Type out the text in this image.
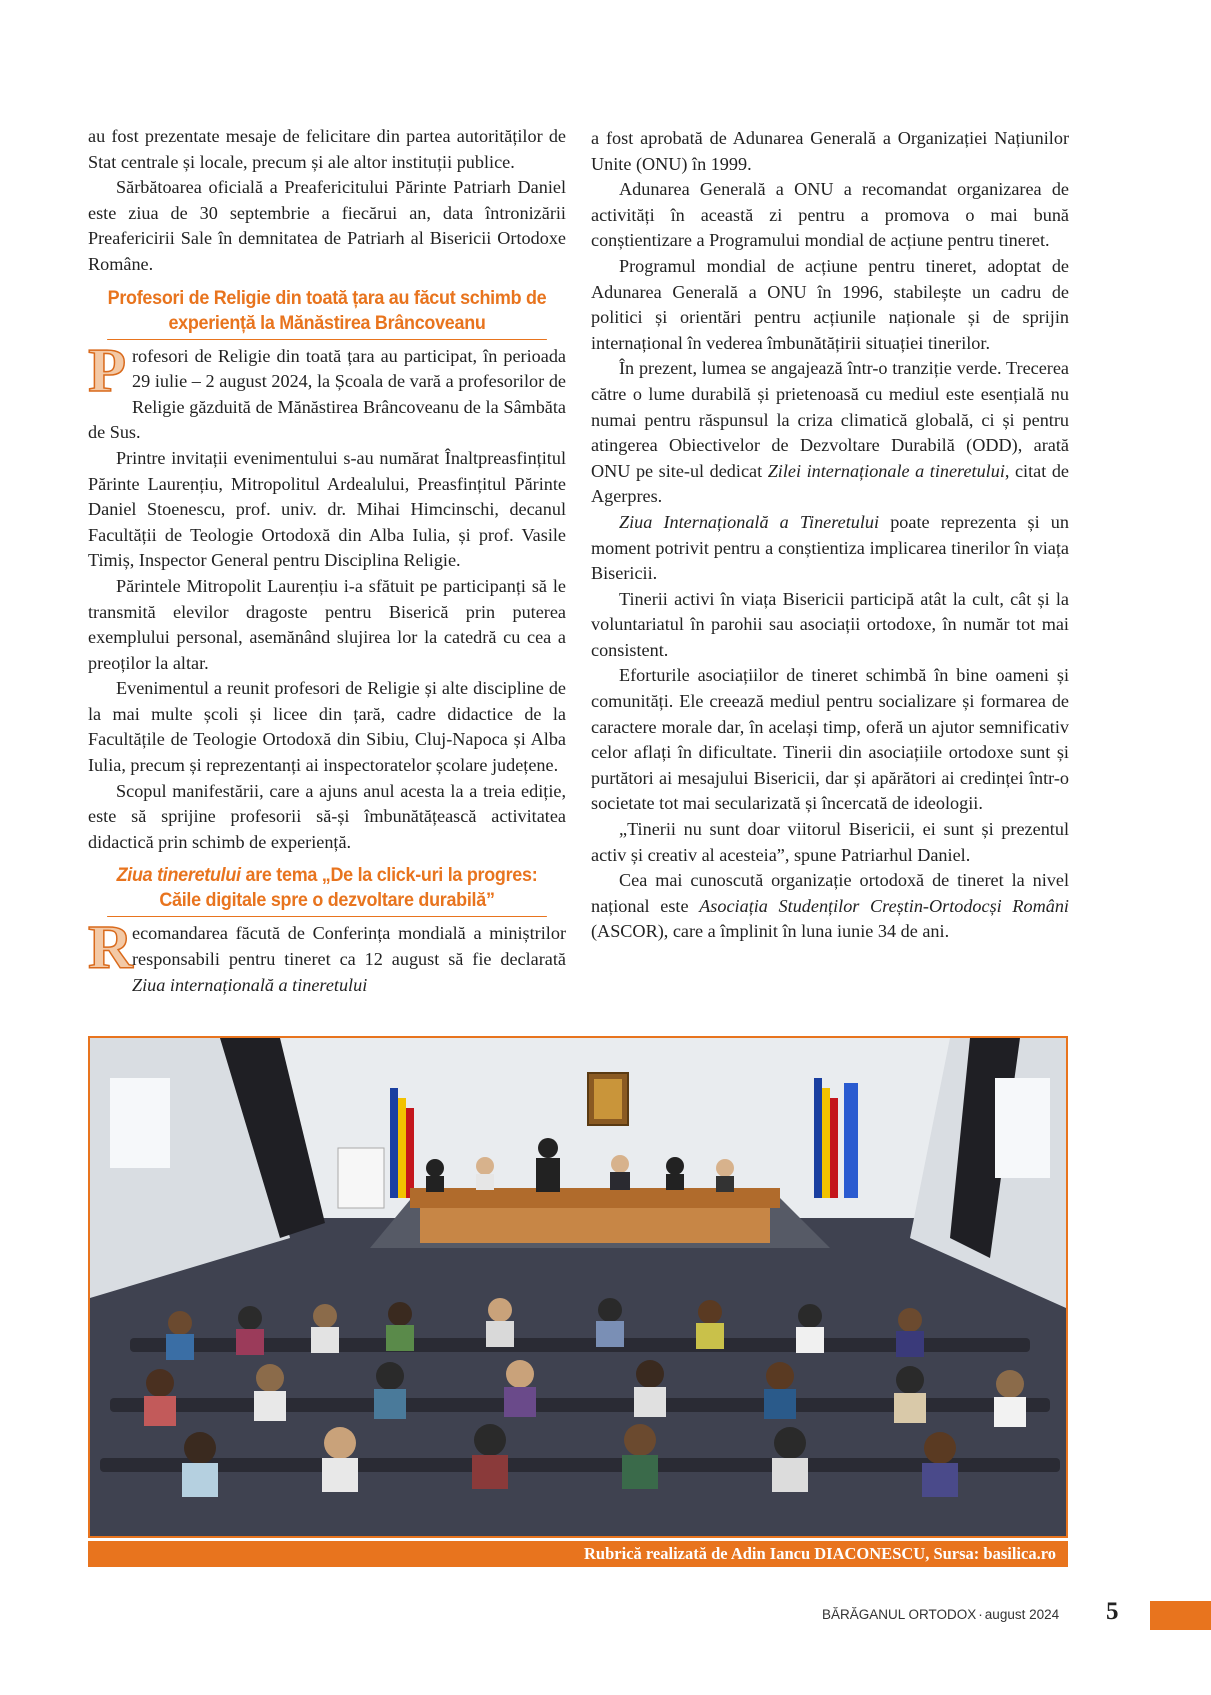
au fost prezentate mesaje de felicitare din partea autorităților de Stat centrale și locale, precum și ale altor instituții publice.

Sărbătoarea oficială a Preafericitului Părinte Patriarh Daniel este ziua de 30 septembrie a fiecărui an, data întronizării Preafericirii Sale în demnitatea de Patriarh al Bisericii Ortodoxe Române.

Profesori de Religie din toată țara au făcut schimb de experiență la Mănăstirea Brâncoveanu

Profesori de Religie din toată țara au participat, în perioada 29 iulie – 2 august 2024, la Școala de vară a profesorilor de Religie găzduită de Mănăstirea Brâncoveanu de la Sâmbăta de Sus.

Printre invitații evenimentului s-au numărat Înaltpreasfințitul Părinte Laurențiu, Mitropolitul Ardealului, Preasfințitul Părinte Daniel Stoenescu, prof. univ. dr. Mihai Himcinschi, decanul Facultății de Teologie Ortodoxă din Alba Iulia, și prof. Vasile Timiș, Inspector General pentru Disciplina Religie.

Părintele Mitropolit Laurențiu i-a sfătuit pe participanți să le transmită elevilor dragoste pentru Biserică prin puterea exemplului personal, asemănând slujirea lor la catedră cu cea a preoților la altar.

Evenimentul a reunit profesori de Religie și alte discipline de la mai multe școli și licee din țară, cadre didactice de la Facultățile de Teologie Ortodoxă din Sibiu, Cluj-Napoca și Alba Iulia, precum și reprezentanți ai inspectoratelor școlare județene.

Scopul manifestării, care a ajuns anul acesta la a treia ediție, este să sprijine profesorii să-și îmbunătățească activitatea didactică prin schimb de experiență.

Ziua tineretului are tema „De la click-uri la progres: Căile digitale spre o dezvoltare durabilă”

Recomandarea făcută de Conferința mondială a miniștrilor responsabili pentru tineret ca 12 august să fie declarată Ziua internațională a tineretului

a fost aprobată de Adunarea Generală a Organizației Națiunilor Unite (ONU) în 1999.

Adunarea Generală a ONU a recomandat organizarea de activități în această zi pentru a promova o mai bună conștientizare a Programului mondial de acțiune pentru tineret.

Programul mondial de acțiune pentru tineret, adoptat de Adunarea Generală a ONU în 1996, stabilește un cadru de politici și orientări pentru acțiunile naționale și de sprijin internațional în vederea îmbunătățirii situației tinerilor.

În prezent, lumea se angajează într-o tranziție verde. Trecerea către o lume durabilă și prietenoasă cu mediul este esențială nu numai pentru răspunsul la criza climatică globală, ci și pentru atingerea Obiectivelor de Dezvoltare Durabilă (ODD), arată ONU pe site-ul dedicat Zilei internaționale a tineretului, citat de Agerpres.

Ziua Internațională a Tineretului poate reprezenta și un moment potrivit pentru a conștientiza implicarea tinerilor în viața Bisericii.

Tinerii activi în viața Bisericii participă atât la cult, cât și la voluntariatul în parohii sau asociații ortodoxe, în număr tot mai consistent.

Eforturile asociațiilor de tineret schimbă în bine oameni și comunități. Ele creează mediul pentru socializare și formarea de caractere morale dar, în același timp, oferă un ajutor semnificativ celor aflați în dificultate. Tinerii din asociațiile ortodoxe sunt și purtători ai mesajului Bisericii, dar și apărători ai credinței într-o societate tot mai secularizată și încercată de ideologii.

„Tinerii nu sunt doar viitorul Bisericii, ei sunt și prezentul activ și creativ al acesteia”, spune Patriarhul Daniel.

Cea mai cunoscută organizație ortodoxă de tineret la nivel național este Asociația Studenților Creștin-Ortodocși Români (ASCOR), care a împlinit în luna iunie 34 de ani.

Rubrică realizată de Adin Iancu DIACONESCU, Sursa: basilica.ro
BĂRĂGANUL ORTODOX · august 2024 5
